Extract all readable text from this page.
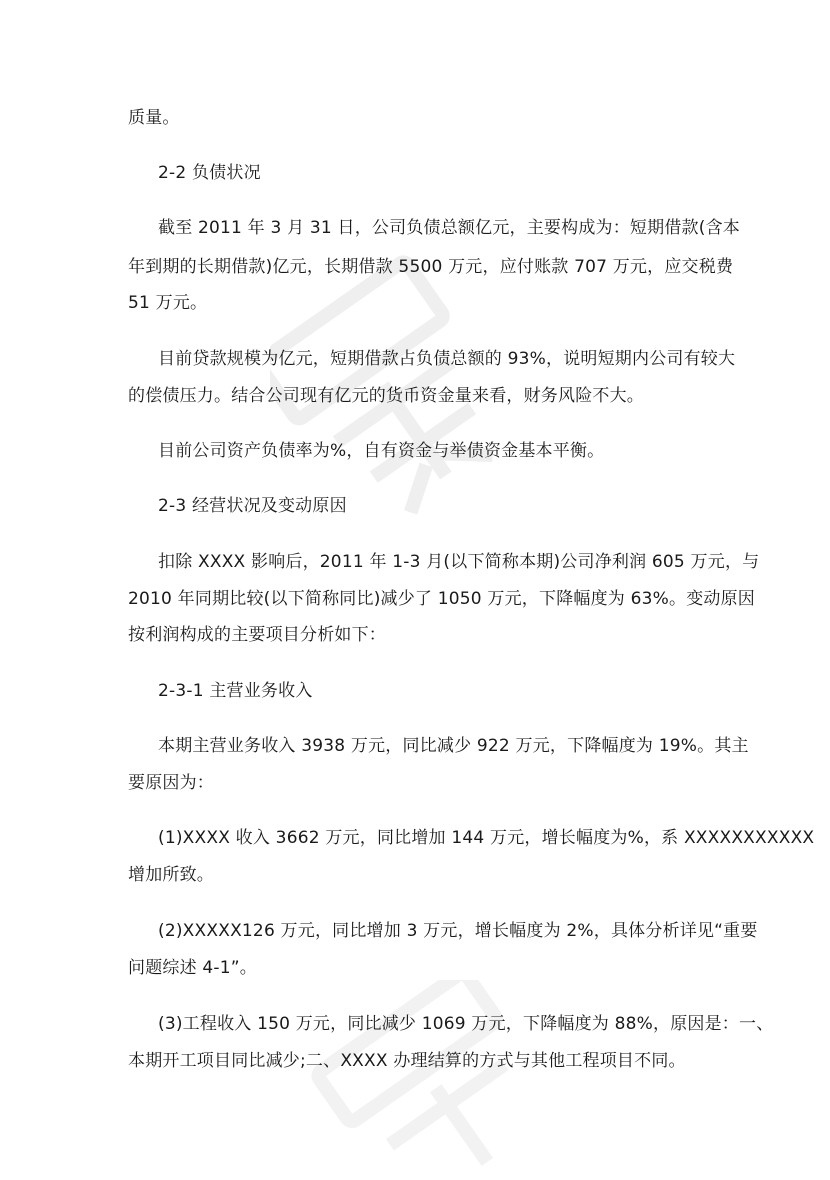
质量。
2-2 负债状况
截至 2011 年 3 月 31 日，公司负债总额亿元，主要构成为：短期借款(含本
年到期的长期借款)亿元，长期借款 5500 万元，应付账款 707 万元，应交税费
51 万元。
目前贷款规模为亿元，短期借款占负债总额的 93%，说明短期内公司有较大
的偿债压力。结合公司现有亿元的货币资金量来看，财务风险不大。
目前公司资产负债率为%，自有资金与举债资金基本平衡。
2-3 经营状况及变动原因
扣除 XXXX 影响后，2011 年 1-3 月(以下简称本期)公司净利润 605 万元，与
2010 年同期比较(以下简称同比)减少了 1050 万元，下降幅度为 63%。变动原因
按利润构成的主要项目分析如下：
2-3-1 主营业务收入
本期主营业务收入 3938 万元，同比减少 922 万元，下降幅度为 19%。其主
要原因为：
(1)XXXX 收入 3662 万元，同比增加 144 万元，增长幅度为%，系 XXXXXXXXXXX
增加所致。
(2)XXXXX126 万元，同比增加 3 万元，增长幅度为 2%，具体分析详见“重要
问题综述 4-1”。
(3)工程收入 150 万元，同比减少 1069 万元，下降幅度为 88%，原因是：一、
本期开工项目同比减少;二、XXXX 办理结算的方式与其他工程项目不同。
